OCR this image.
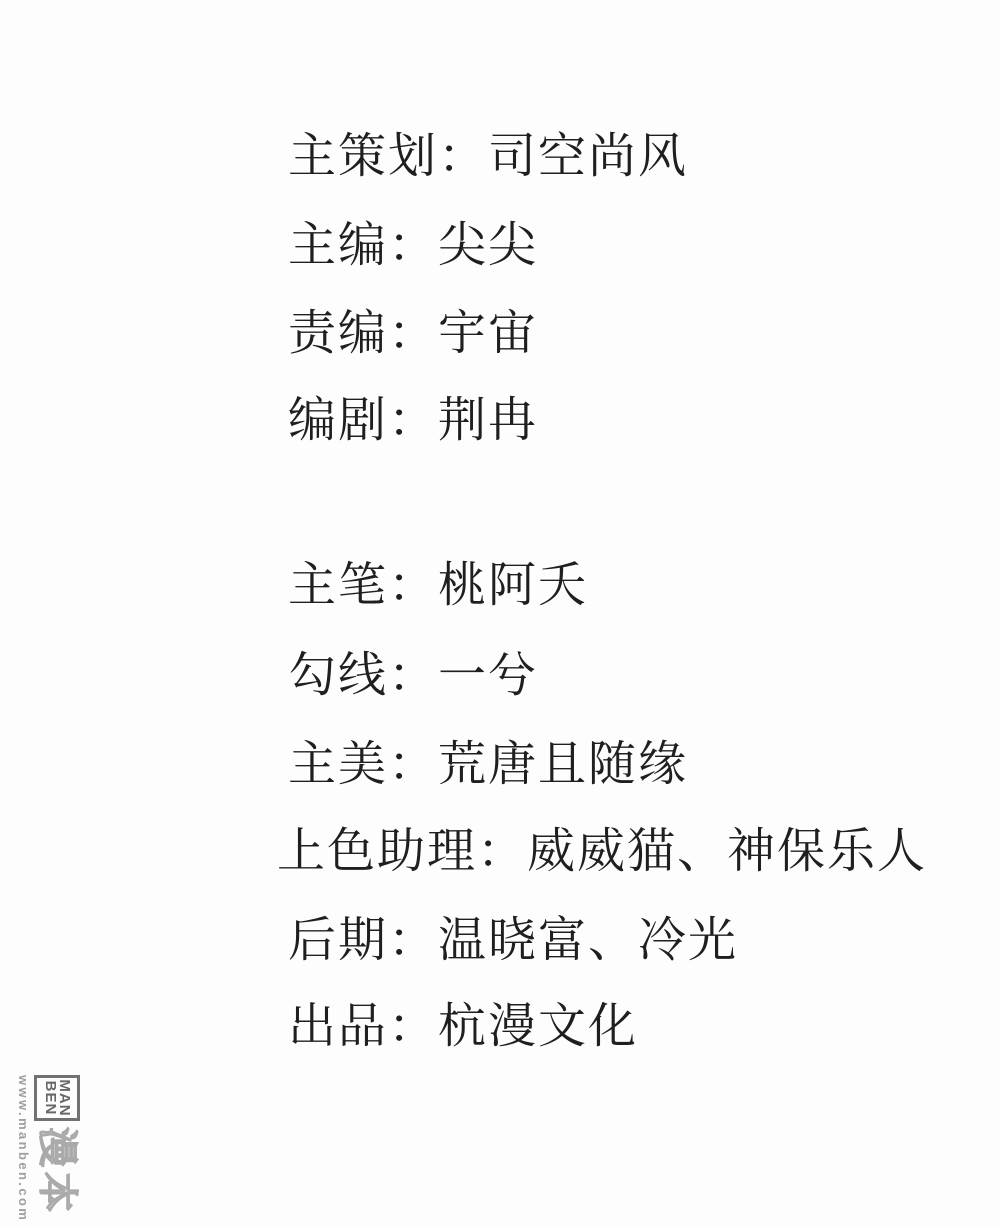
主策划：司空尚风
主编：尖尖
责编：宇宙
编剧：荆冉
主笔：桃阿夭
勾线：一兮
主美：荒唐且随缘
上色助理：威威猫、神保乐人
后期：温晓富、冷光
出品：杭漫文化
MAN
BEN
漫本
www.manben.com
